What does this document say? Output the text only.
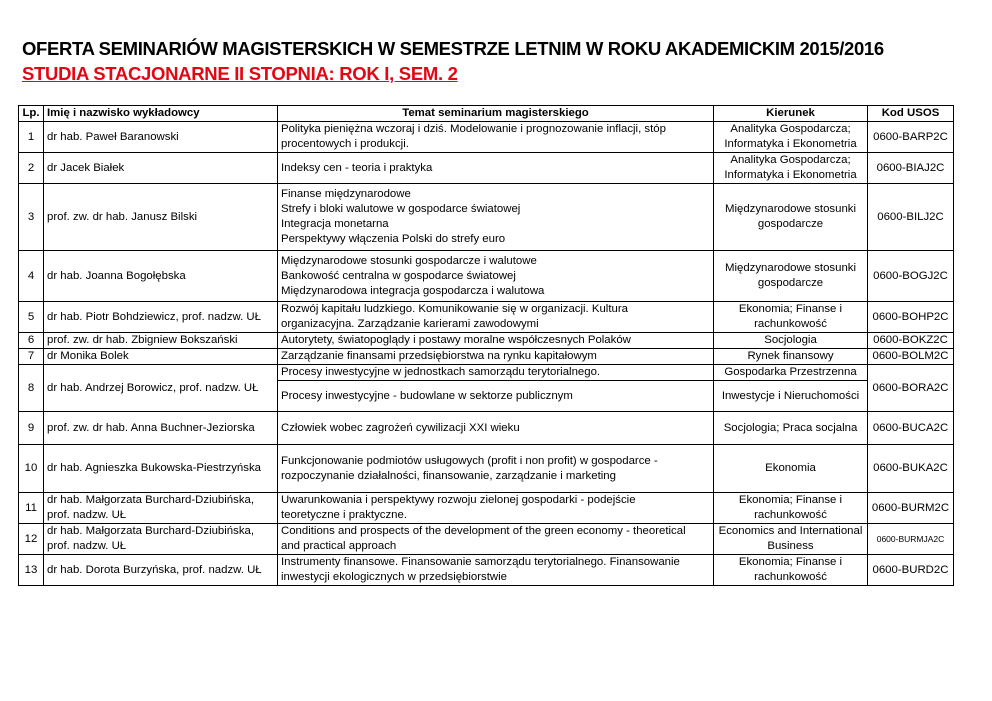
OFERTA SEMINARIÓW MAGISTERSKICH W SEMESTRZE LETNIM W ROKU AKADEMICKIM 2015/2016
STUDIA STACJONARNE II STOPNIA: ROK I, SEM. 2
Lp.	Imię i nazwisko wykładowcy	Temat seminarium magisterskiego	Kierunek	Kod USOS
1	dr hab. Paweł Baranowski	Polityka pieniężna wczoraj i dziś. Modelowanie i prognozowanie inflacji, stóp
procentowych i produkcji.	Analityka Gospodarcza;
Informatyka i Ekonometria	0600-BARP2C
2	dr Jacek Białek	Indeksy cen - teoria i praktyka	Analityka Gospodarcza;
Informatyka i Ekonometria	0600-BIAJ2C
3	prof. zw. dr hab. Janusz Bilski	Finanse międzynarodowe
Strefy i bloki walutowe w gospodarce światowej
Integracja monetarna
Perspektywy włączenia Polski do strefy euro	Międzynarodowe stosunki
gospodarcze	0600-BILJ2C
4	dr hab. Joanna Bogołębska	Międzynarodowe stosunki gospodarcze i walutowe
Bankowość centralna w gospodarce światowej
Międzynarodowa integracja gospodarcza i walutowa	Międzynarodowe stosunki
gospodarcze	0600-BOGJ2C
5	dr hab. Piotr Bohdziewicz, prof. nadzw. UŁ	Rozwój kapitału ludzkiego. Komunikowanie się w organizacji. Kultura
organizacyjna. Zarządzanie karierami zawodowymi	Ekonomia; Finanse i
rachunkowość	0600-BOHP2C
6	prof. zw. dr hab. Zbigniew Bokszański	Autorytety, światopoglądy i postawy moralne współczesnych Polaków	Socjologia	0600-BOKZ2C
7	dr Monika Bolek	Zarządzanie finansami przedsiębiorstwa na rynku kapitałowym	Rynek finansowy	0600-BOLM2C
8	dr hab. Andrzej Borowicz, prof. nadzw. UŁ	Procesy inwestycyjne w jednostkach samorządu terytorialnego.	Gospodarka Przestrzenna	0600-BORA2C
		Procesy inwestycyjne - budowlane w sektorze publicznym	Inwestycje i Nieruchomości	
9	prof. zw. dr hab. Anna Buchner-Jeziorska	Człowiek wobec zagrożeń cywilizacji XXI wieku	Socjologia; Praca socjalna	0600-BUCA2C
10	dr hab. Agnieszka Bukowska-Piestrzyńska	Funkcjonowanie podmiotów usługowych (profit i non profit) w gospodarce -
rozpoczynanie działalności, finansowanie, zarządzanie i marketing	Ekonomia	0600-BUKA2C
11	dr hab. Małgorzata Burchard-Dziubińska,
prof. nadzw. UŁ	Uwarunkowania i perspektywy rozwoju zielonej gospodarki - podejście
teoretyczne i praktyczne.	Ekonomia; Finanse i
rachunkowość	0600-BURM2C
12	dr hab. Małgorzata Burchard-Dziubińska,
prof. nadzw. UŁ	Conditions and prospects of the development of the green economy - theoretical
and practical approach	Economics and International
Business	0600-BURMJA2C
13	dr hab. Dorota Burzyńska, prof. nadzw. UŁ	Instrumenty finansowe. Finansowanie samorządu terytorialnego. Finansowanie
inwestycji ekologicznych w przedsiębiorstwie	Ekonomia; Finanse i
rachunkowość	0600-BURD2C
